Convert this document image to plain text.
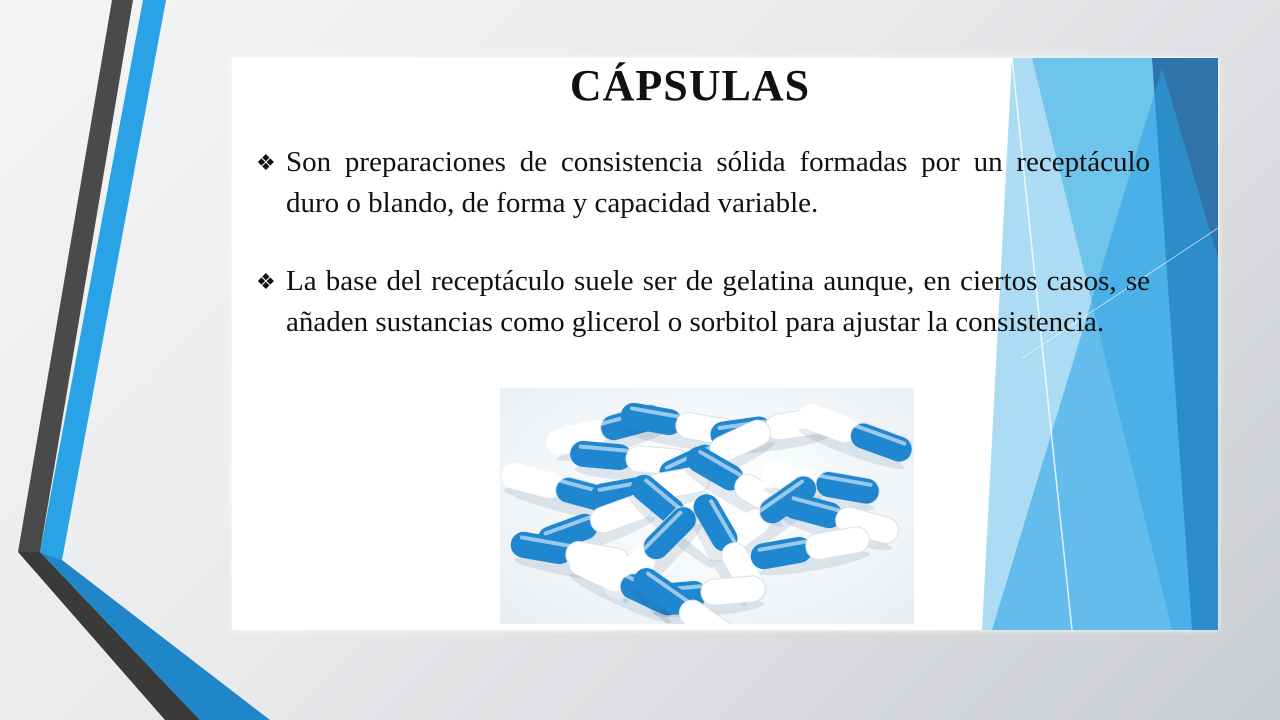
CÁPSULAS
❖ Son preparaciones de consistencia sólida formadas por un receptáculo duro o blando, de forma y capacidad variable.
❖ La base del receptáculo suele ser de gelatina aunque, en ciertos casos, se añaden sustancias como glicerol o sorbitol para ajustar la consistencia.
